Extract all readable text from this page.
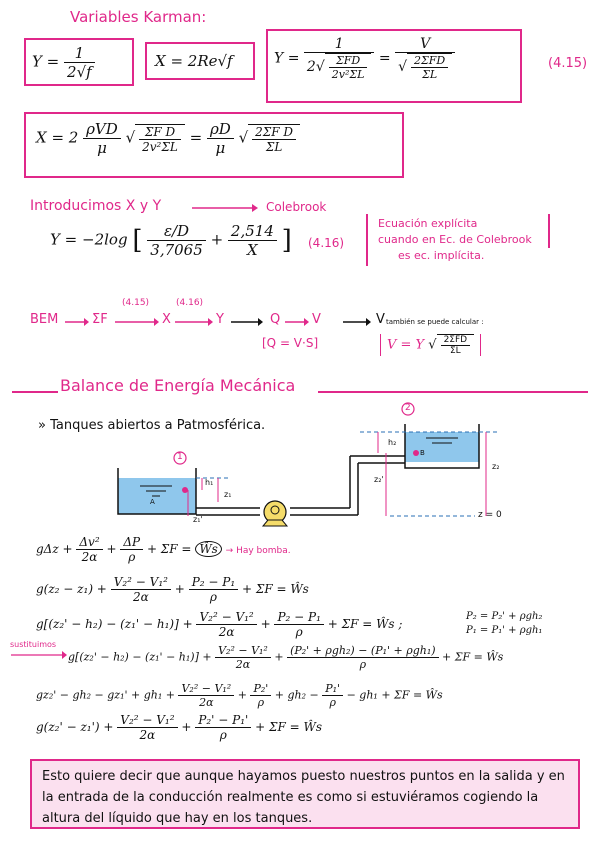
Variables Karman:
$Y = \frac{1}{2√f}$	X = 2Re√f	$Y = \frac{1}{2√ \frac{\text{ΣFD}}{\text{2v²ΣL}}} = \frac{V}{√ \frac{\text{2ΣFD}}{\Sigma L}}$	(4.15)
$X = 2 \frac{\text{ρVD}}{\mu}$ √ $\frac{\text{ΣF D}}{\text{2v²ΣL}} = \frac{\rho D}{\mu}$ √ $\frac{\text{2ΣF D}}{\Sigma L}$
Introducimos X y Y	Colebrook
Y = −2log [ $\frac{\varepsilon/D}{3,7065} + \frac{2,514}{X}$ ] (4.16)
Ecuación explícita
cuando en Ec. de Colebrook
es ec. implícita.
BEM	ΣF
(4.15)
X
(4.16)
Y	Q V
[Q = V·S]
V también se puede calcular :
V = Y √ $\frac{\text{2ΣFD}}{\Sigma L}$
Balance de Energía Mecánica
» Tanques abiertos a Patmosférica.
1
2
h₁
z₁
z₁'
h₂
z₂'
z₂
A
B
z = 0
$g\Delta z + \frac{\text{Δv²}}{2\alpha} + \frac{\Delta P}{\rho} + \Sigma F$ = Ŵs → Hay bomba.
$g(z_2 - z_1) + \frac{\text{V₂² − V₁²}}{2\alpha} + \frac{\text{P₂ − P₁}}{\rho} + \Sigma F$ = Ŵs
$g[(z_2' - h_2) - (z_1' - h_1)] + \frac{\text{V₂² − V₁²}}{2\alpha} + \frac{\text{P₂ − P₁}}{\rho} + \Sigma F$ = Ŵs ;
P₂ = P₂' + ρgh₂
P₁ = P₁' + ρgh₁
sustituimos
$g[(z_2' - h_2) - (z_1' - h_1)] + \frac{\text{V₂² − V₁²}}{2\alpha} + \frac{\text{(P₂' + ρgh₂) − (P₁' + ρgh₁)}}{\rho} + \Sigma F$ = Ŵs
$gz_2' - gh_2 - gz_1' + gh_1 + \frac{\text{V₂² − V₁²}}{2\alpha} + \frac{\text{P₂'}}{\rho} + gh_2 - \frac{\text{P₁'}}{\rho} - gh_1 + \Sigma F$ = Ŵs
$g(z_2' - z_1') + \frac{\text{V₂² − V₁²}}{2\alpha} + \frac{\text{P₂' − P₁'}}{\rho} + \Sigma F$ = Ŵs
Esto quiere decir que aunque hayamos puesto nuestros puntos en la salida y en la entrada de la conducción realmente es como si estuviéramos cogiendo la altura del líquido que hay en los tanques.
